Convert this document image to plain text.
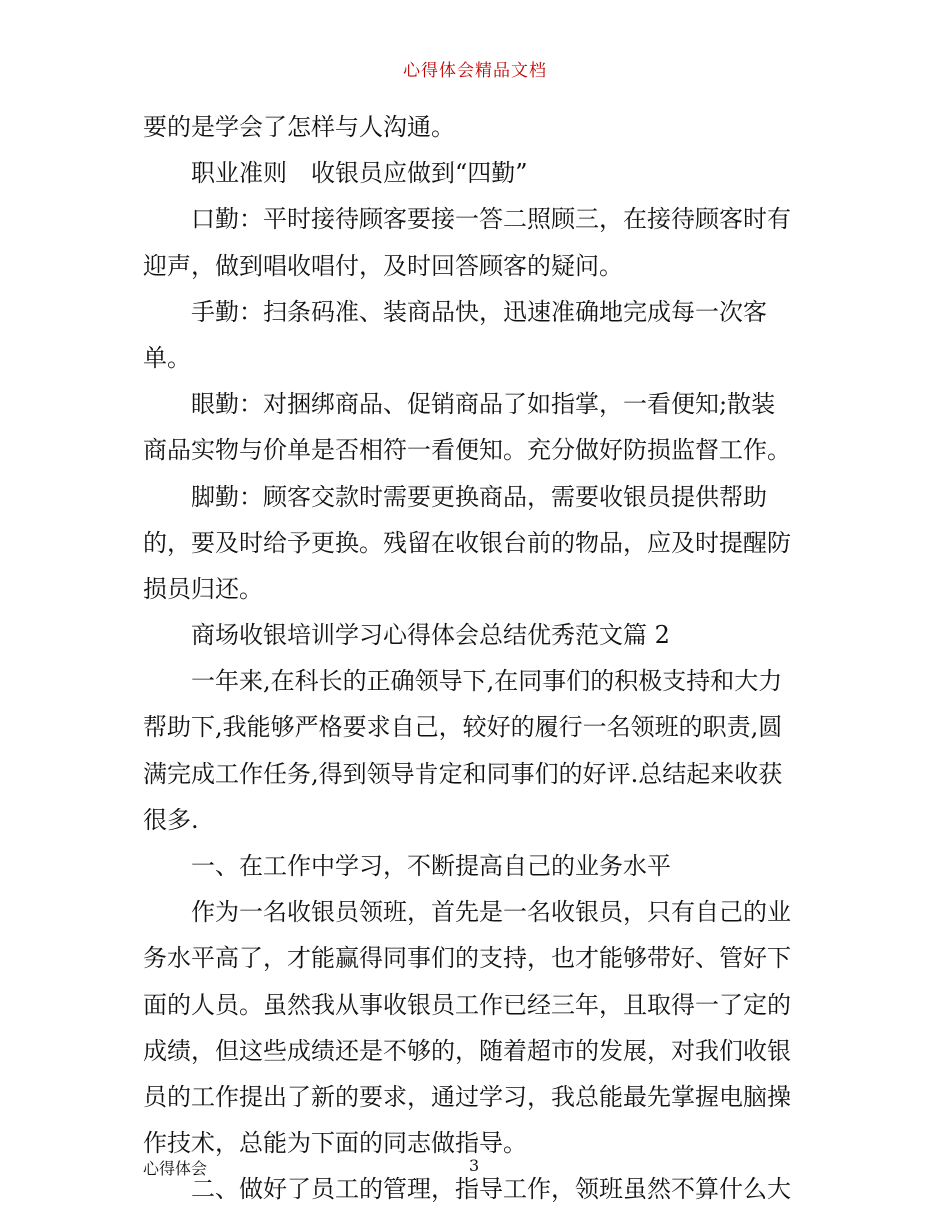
心得体会精品文档
要的是学会了怎样与人沟通。
职业准则　收银员应做到“四勤”
口勤：平时接待顾客要接一答二照顾三，在接待顾客时有
迎声，做到唱收唱付，及时回答顾客的疑问。
手勤：扫条码准、装商品快，迅速准确地完成每一次客
单。
眼勤：对捆绑商品、促销商品了如指掌，一看便知;散装
商品实物与价单是否相符一看便知。充分做好防损监督工作。
脚勤：顾客交款时需要更换商品，需要收银员提供帮助
的，要及时给予更换。残留在收银台前的物品，应及时提醒防
损员归还。
商场收银培训学习心得体会总结优秀范文篇 2
一年来,在科长的正确领导下,在同事们的积极支持和大力
帮助下,我能够严格要求自己，较好的履行一名领班的职责,圆
满完成工作任务,得到领导肯定和同事们的好评.总结起来收获
很多.
一、在工作中学习，不断提高自己的业务水平
作为一名收银员领班，首先是一名收银员，只有自己的业
务水平高了，才能赢得同事们的支持，也才能够带好、管好下
面的人员。虽然我从事收银员工作已经三年，且取得一了定的
成绩，但这些成绩还是不够的，随着超市的发展，对我们收银
员的工作提出了新的要求，通过学习，我总能最先掌握电脑操
作技术，总能为下面的同志做指导。
二、做好了员工的管理，指导工作，领班虽然不算什么大
心得体会	3
